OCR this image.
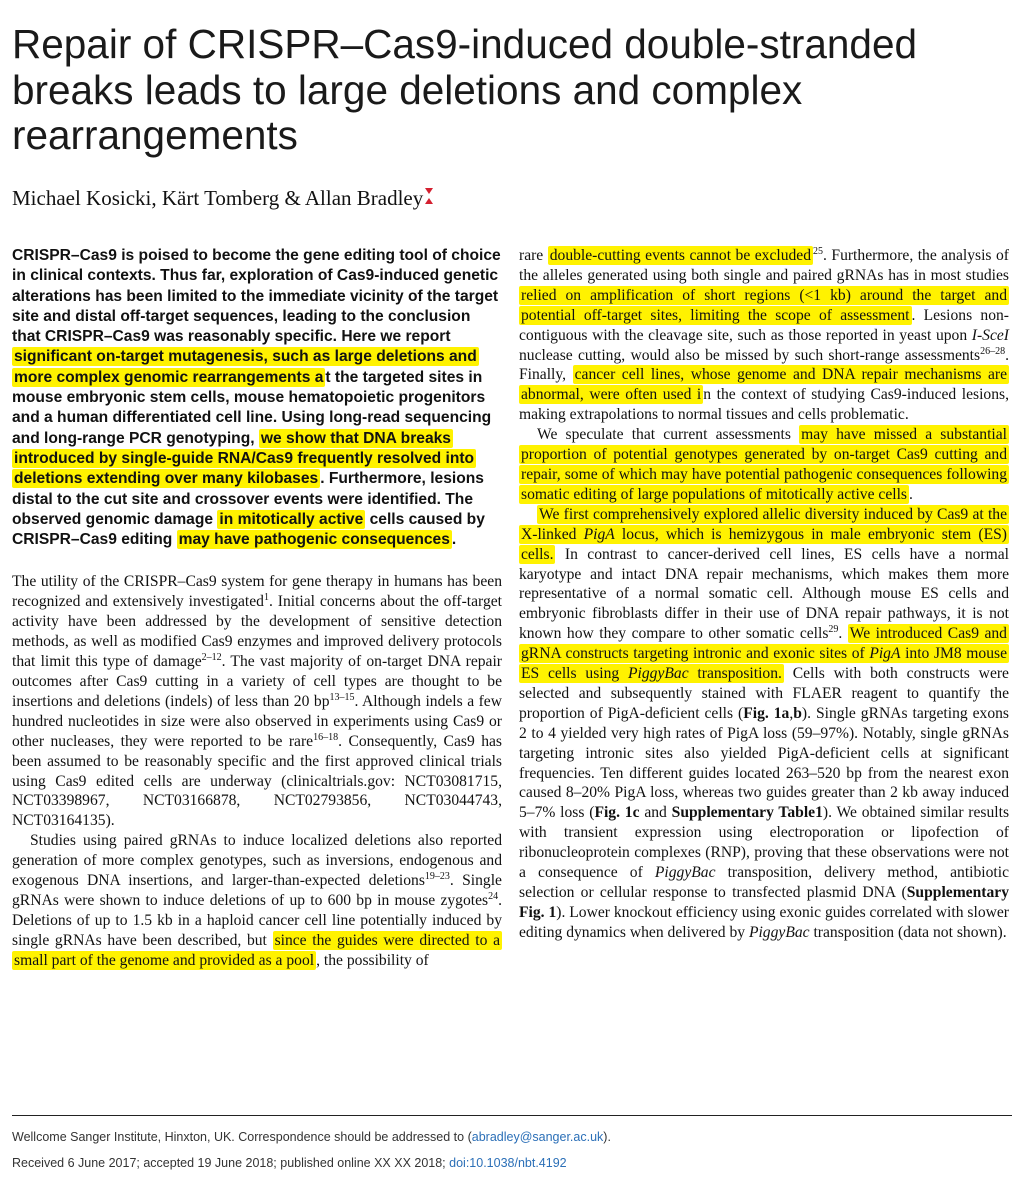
Repair of CRISPR–Cas9-induced double-stranded breaks leads to large deletions and complex rearrangements

Michael Kosicki, Kärt Tomberg & Allan Bradley

CRISPR–Cas9 is poised to become the gene editing tool of choice in clinical contexts. Thus far, exploration of Cas9-induced genetic alterations has been limited to the immediate vicinity of the target site and distal off-target sequences, leading to the conclusion that CRISPR–Cas9 was reasonably specific. Here we report significant on-target mutagenesis, such as large deletions and more complex genomic rearrangements a t the targeted sites in mouse embryonic stem cells, mouse hematopoietic progenitors and a human differentiated cell line. Using long-read sequencing and long-range PCR genotyping, we show that DNA breaks introduced by single-guide RNA/Cas9 frequently resolved into deletions extending over many kilobases . Furthermore, lesions distal to the cut site and crossover events were identified. The observed genomic damage in mitotically active cells caused by CRISPR–Cas9 editing may have pathogenic consequences .

The utility of the CRISPR–Cas9 system for gene therapy in humans has been recognized and extensively investigated$^1$. Initial concerns about the off-target activity have been addressed by the development of sensitive detection methods, as well as modified Cas9 enzymes and improved delivery protocols that limit this type of damage$^{2-12}$. The vast majority of on-target DNA repair outcomes after Cas9 cutting in a variety of cell types are thought to be insertions and deletions (indels) of less than 20 $bp^{13-15}$. Although indels a few hundred nucleotides in size were also observed in experiments using Cas9 or other nucleases, they were reported to be rare$^{16-18}$. Consequently, Cas9 has been assumed to be reasonably specific and the first approved clinical trials using Cas9 edited cells are underway (clinicaltrials.gov: NCT03081715, NCT03398967, NCT03166878, NCT02793856, NCT03044743, NCT03164135).

Studies using paired gRNAs to induce localized deletions also reported generation of more complex genotypes, such as inversions, endogenous and exogenous DNA insertions, and larger-than-expected deletions$^{19-23}$. Single gRNAs were shown to induce deletions of up to 600 bp in mouse zygotes$^{24}$. Deletions of up to 1.5 kb in a haploid cancer cell line potentially induced by single gRNAs have been described, but since the guides were directed to a small part of the genome and provided as a pool , the possibility of

rare double-cutting events cannot be excluded $^{25}$. Furthermore, the analysis of the alleles generated using both single and paired gRNAs has in most studies relied on amplification of short regions (<1 kb) around the target and potential off-target sites, limiting the scope of assessment . Lesions non-contiguous with the cleavage site, such as those reported in yeast upon I-SceI nuclease cutting, would also be missed by such short-range assessments$^{26-28}$. Finally, cancer cell lines, whose genome and DNA repair mechanisms are abnormal, were often used i n the context of studying Cas9-induced lesions, making extrapolations to normal tissues and cells problematic.

We speculate that current assessments may have missed a substantial proportion of potential genotypes generated by on-target Cas9 cutting and repair, some of which may have potential pathogenic consequences following somatic editing of large populations of mitotically active cells .

We first comprehensively explored allelic diversity induced by Cas9 at the X-linked PigA locus, which is hemizygous in male embryonic stem (ES) cells. In contrast to cancer-derived cell lines, ES cells have a normal karyotype and intact DNA repair mechanisms, which makes them more representative of a normal somatic cell. Although mouse ES cells and embryonic fibroblasts differ in their use of DNA repair pathways, it is not known how they compare to other somatic cells$^{29}$. We introduced Cas9 and gRNA constructs targeting intronic and exonic sites of PigA into JM8 mouse ES cells using PiggyBac transposition. Cells with both constructs were selected and subsequently stained with FLAER reagent to quantify the proportion of PigA-deficient cells (Fig. 1a,b). Single gRNAs targeting exons 2 to 4 yielded very high rates of PigA loss (59–97%). Notably, single gRNAs targeting intronic sites also yielded PigA-deficient cells at significant frequencies. Ten different guides located 263–520 bp from the nearest exon caused 8–20% PigA loss, whereas two guides greater than 2 kb away induced 5–7% loss (Fig. 1c and Supplementary Table1). We obtained similar results with transient expression using electroporation or lipofection of ribonucleoprotein complexes (RNP), proving that these observations were not a consequence of PiggyBac transposition, delivery method, antibiotic selection or cellular response to transfected plasmid DNA (Supplementary Fig. 1). Lower knockout efficiency using exonic guides correlated with slower editing dynamics when delivered by PiggyBac transposition (data not shown).

Wellcome Sanger Institute, Hinxton, UK. Correspondence should be addressed to (abradley@sanger.ac.uk).

Received 6 June 2017; accepted 19 June 2018; published online XX XX 2018; doi:10.1038/nbt.4192
